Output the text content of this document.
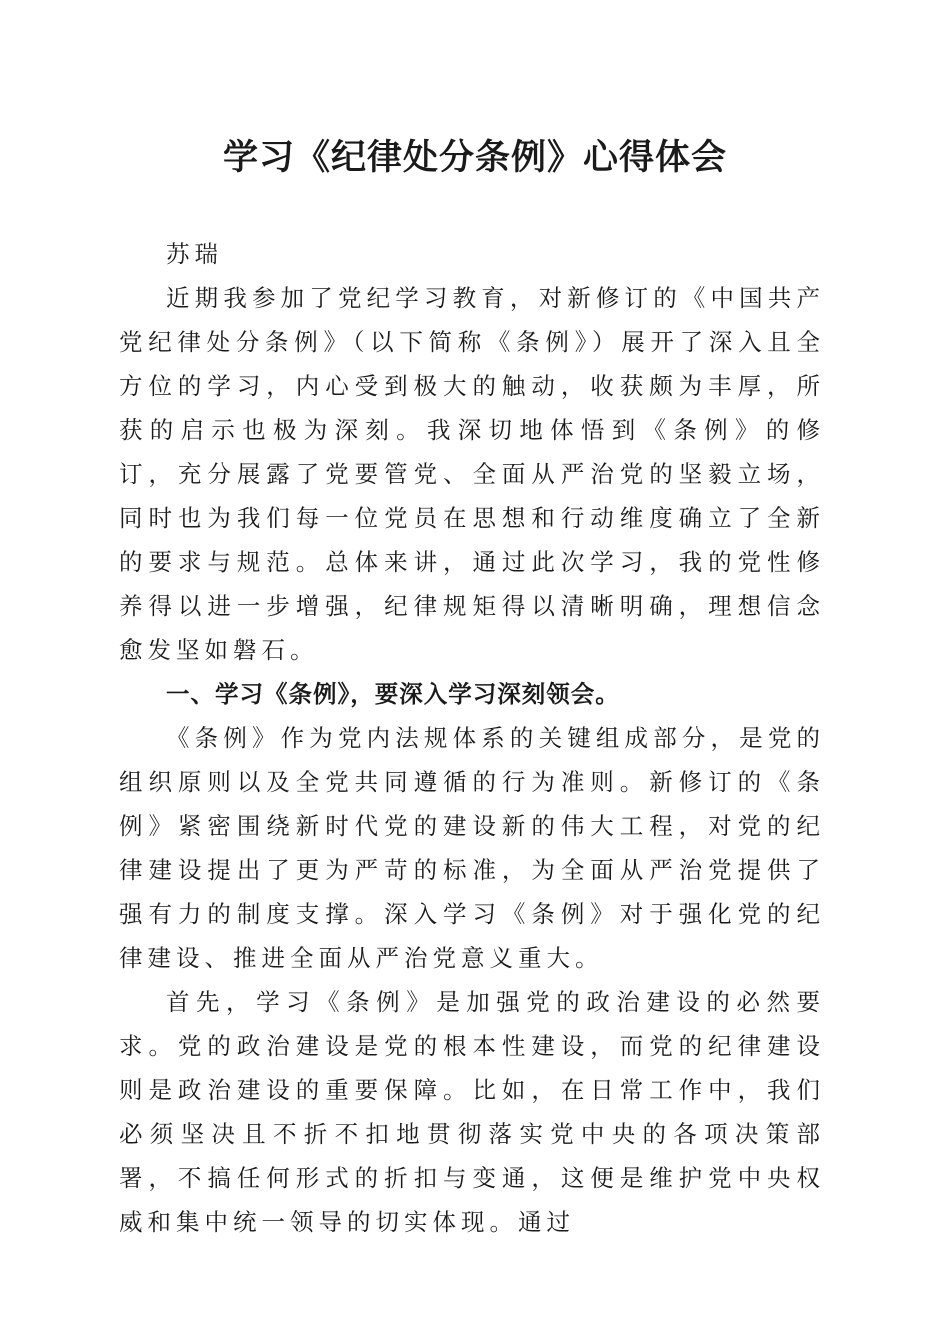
学习《纪律处分条例》心得体会

苏瑞

近期我参加了党纪学习教育，对新修订的《中国共产党纪律处分条例》（以下简称《条例》）展开了深入且全方位的学习，内心受到极大的触动，收获颇为丰厚，所获的启示也极为深刻。我深切地体悟到《条例》的修订，充分展露了党要管党、全面从严治党的坚毅立场，同时也为我们每一位党员在思想和行动维度确立了全新的要求与规范。总体来讲，通过此次学习，我的党性修养得以进一步增强，纪律规矩得以清晰明确，理想信念愈发坚如磐石。

一、学习《条例》，要深入学习深刻领会。

《条例》作为党内法规体系的关键组成部分，是党的组织原则以及全党共同遵循的行为准则。新修订的《条例》紧密围绕新时代党的建设新的伟大工程，对党的纪律建设提出了更为严苛的标准，为全面从严治党提供了强有力的制度支撑。深入学习《条例》对于强化党的纪律建设、推进全面从严治党意义重大。

首先，学习《条例》是加强党的政治建设的必然要求。党的政治建设是党的根本性建设，而党的纪律建设则是政治建设的重要保障。比如，在日常工作中，我们必须坚决且不折不扣地贯彻落实党中央的各项决策部署，不搞任何形式的折扣与变通，这便是维护党中央权威和集中统一领导的切实体现。通过
